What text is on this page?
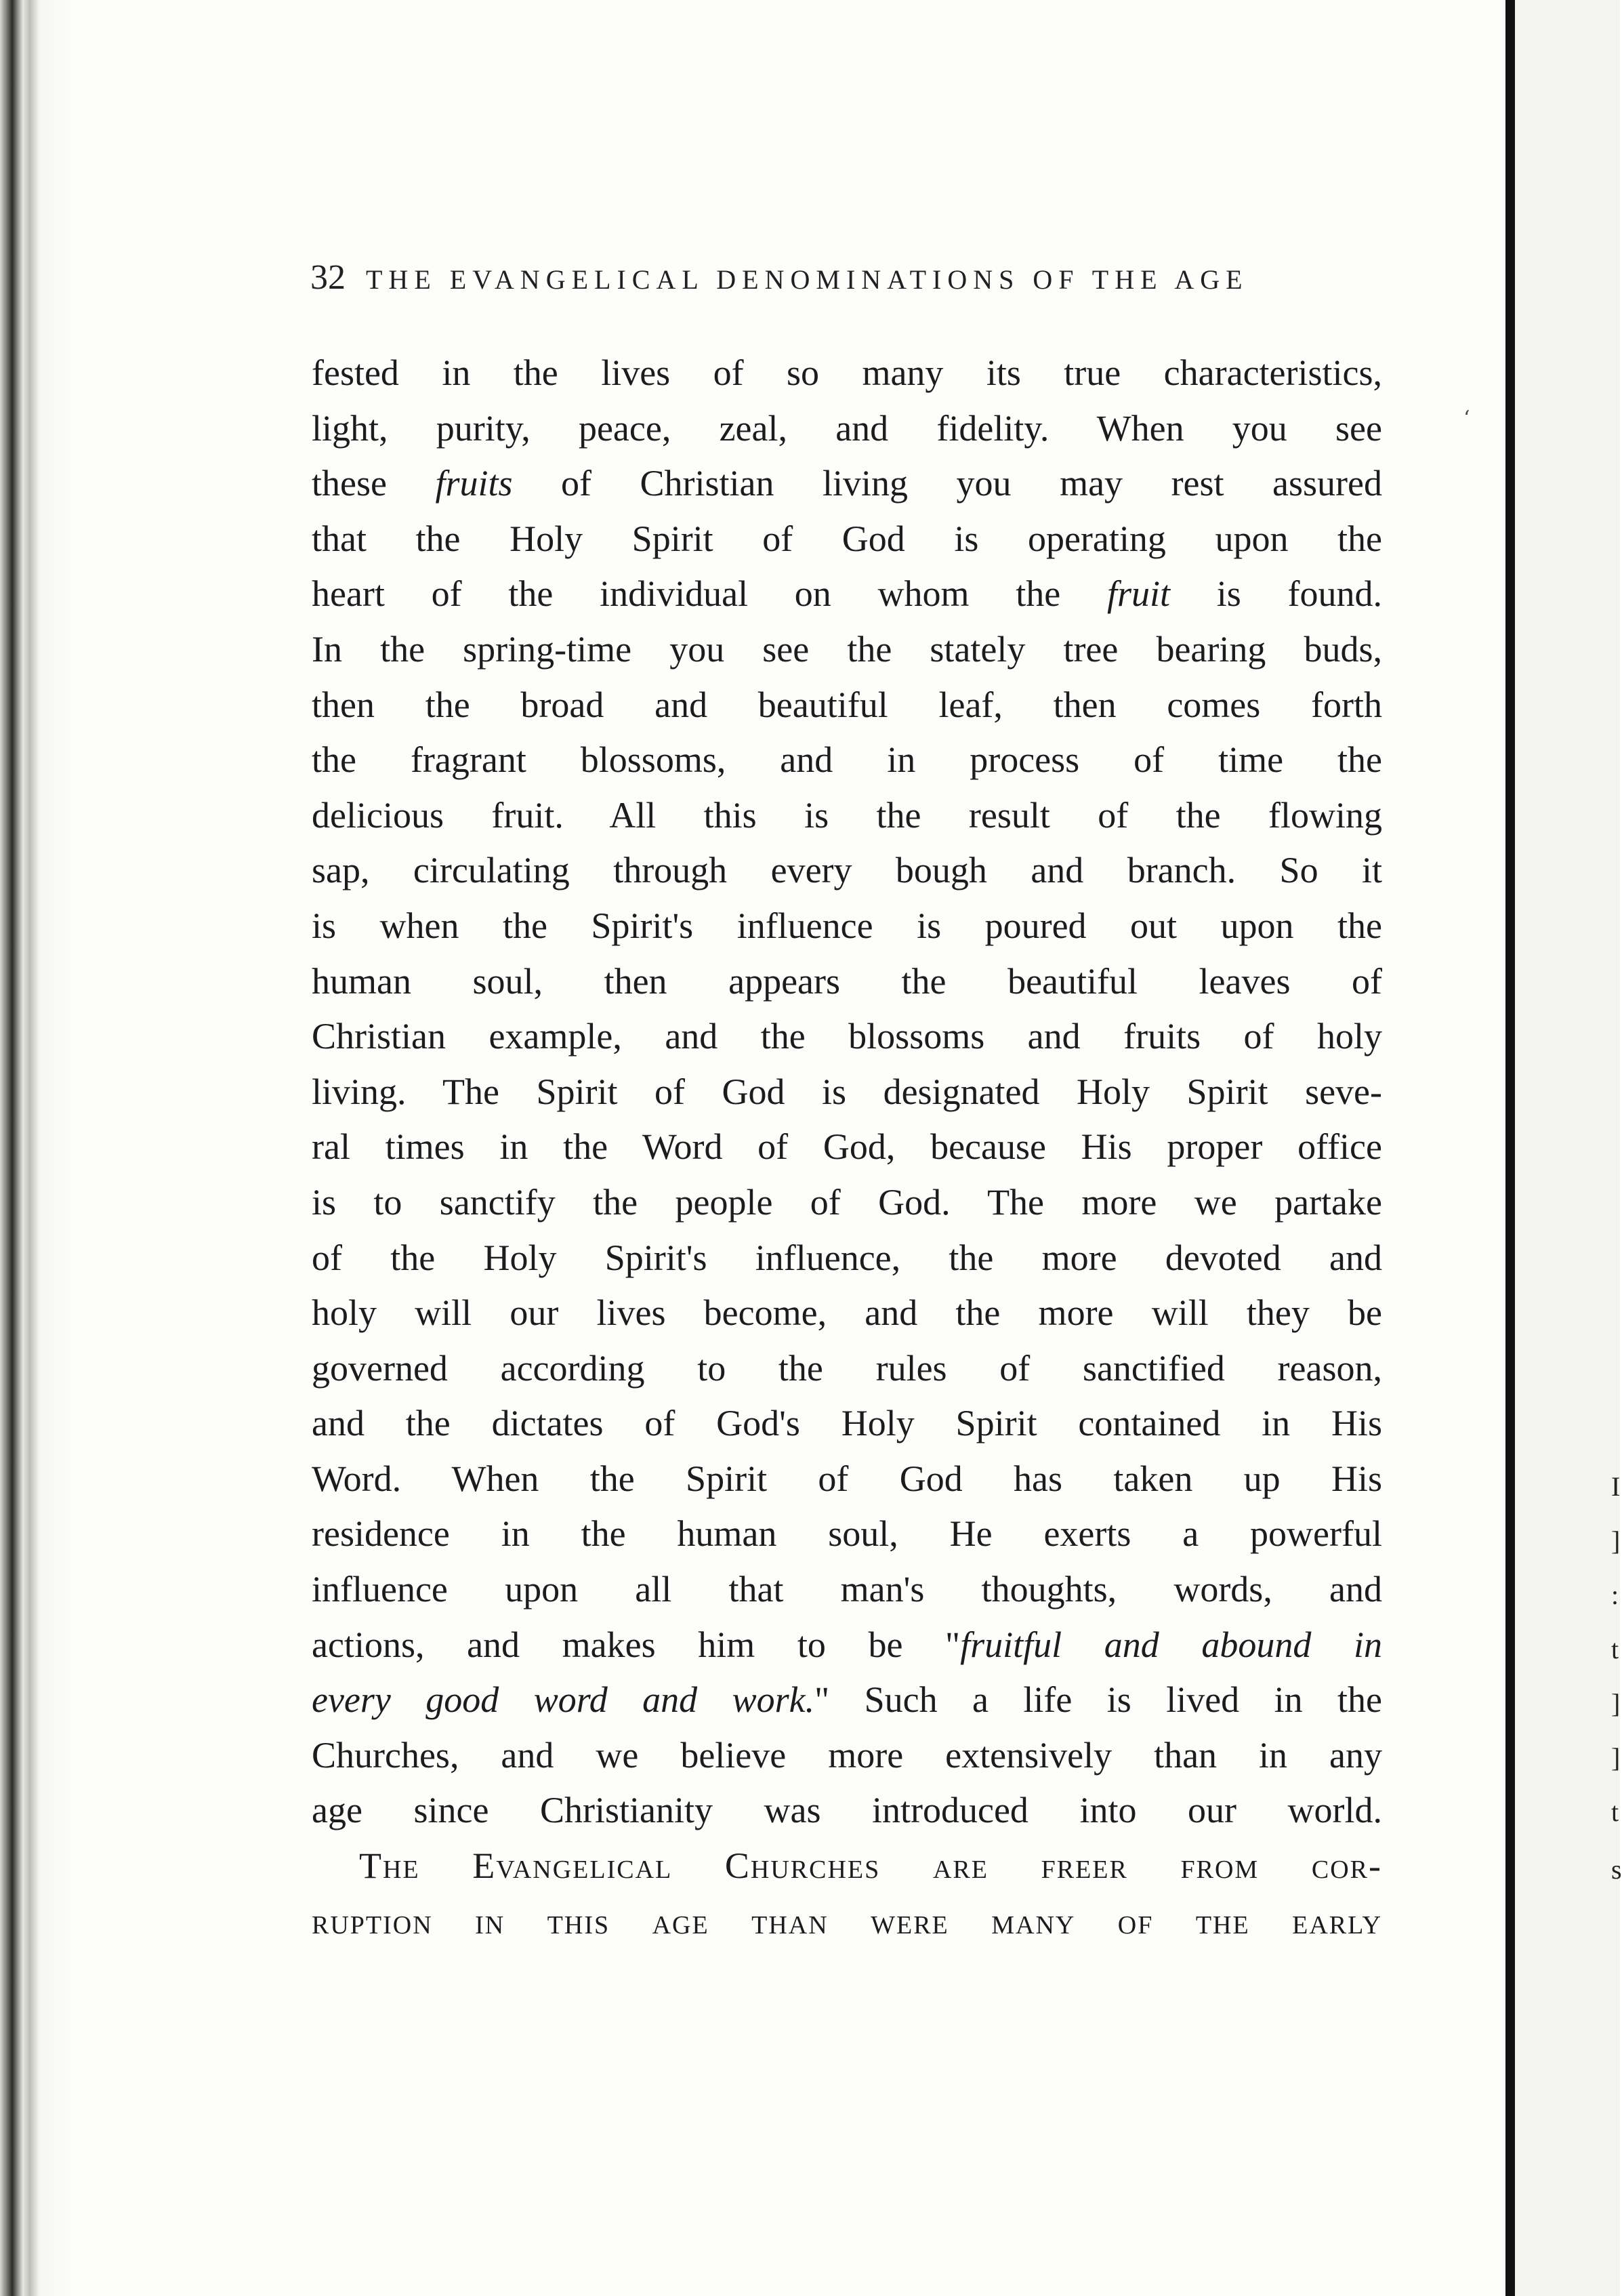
I
]
:
t
]
]
t
s
ʻ
32 THE EVANGELICAL DENOMINATIONS OF THE AGE
fested in the lives of so many its true characteristics,
light, purity, peace, zeal, and fidelity. When you see
these fruits of Christian living you may rest assured
that the Holy Spirit of God is operating upon the
heart of the individual on whom the fruit is found.
In the spring-time you see the stately tree bearing buds,
then the broad and beautiful leaf, then comes forth
the fragrant blossoms, and in process of time the
delicious fruit. All this is the result of the flowing
sap, circulating through every bough and branch. So it
is when the Spirit's influence is poured out upon the
human soul, then appears the beautiful leaves of
Christian example, and the blossoms and fruits of holy
living. The Spirit of God is designated Holy Spirit seve-
ral times in the Word of God, because His proper office
is to sanctify the people of God. The more we partake
of the Holy Spirit's influence, the more devoted and
holy will our lives become, and the more will they be
governed according to the rules of sanctified reason,
and the dictates of God's Holy Spirit contained in His
Word. When the Spirit of God has taken up His
residence in the human soul, He exerts a powerful
influence upon all that man's thoughts, words, and
actions, and makes him to be "fruitful and abound in
every good word and work." Such a life is lived in the
Churches, and we believe more extensively than in any
age since Christianity was introduced into our world.
The Evangelical Churches are freer from cor-
ruption in this age than were many of the early
